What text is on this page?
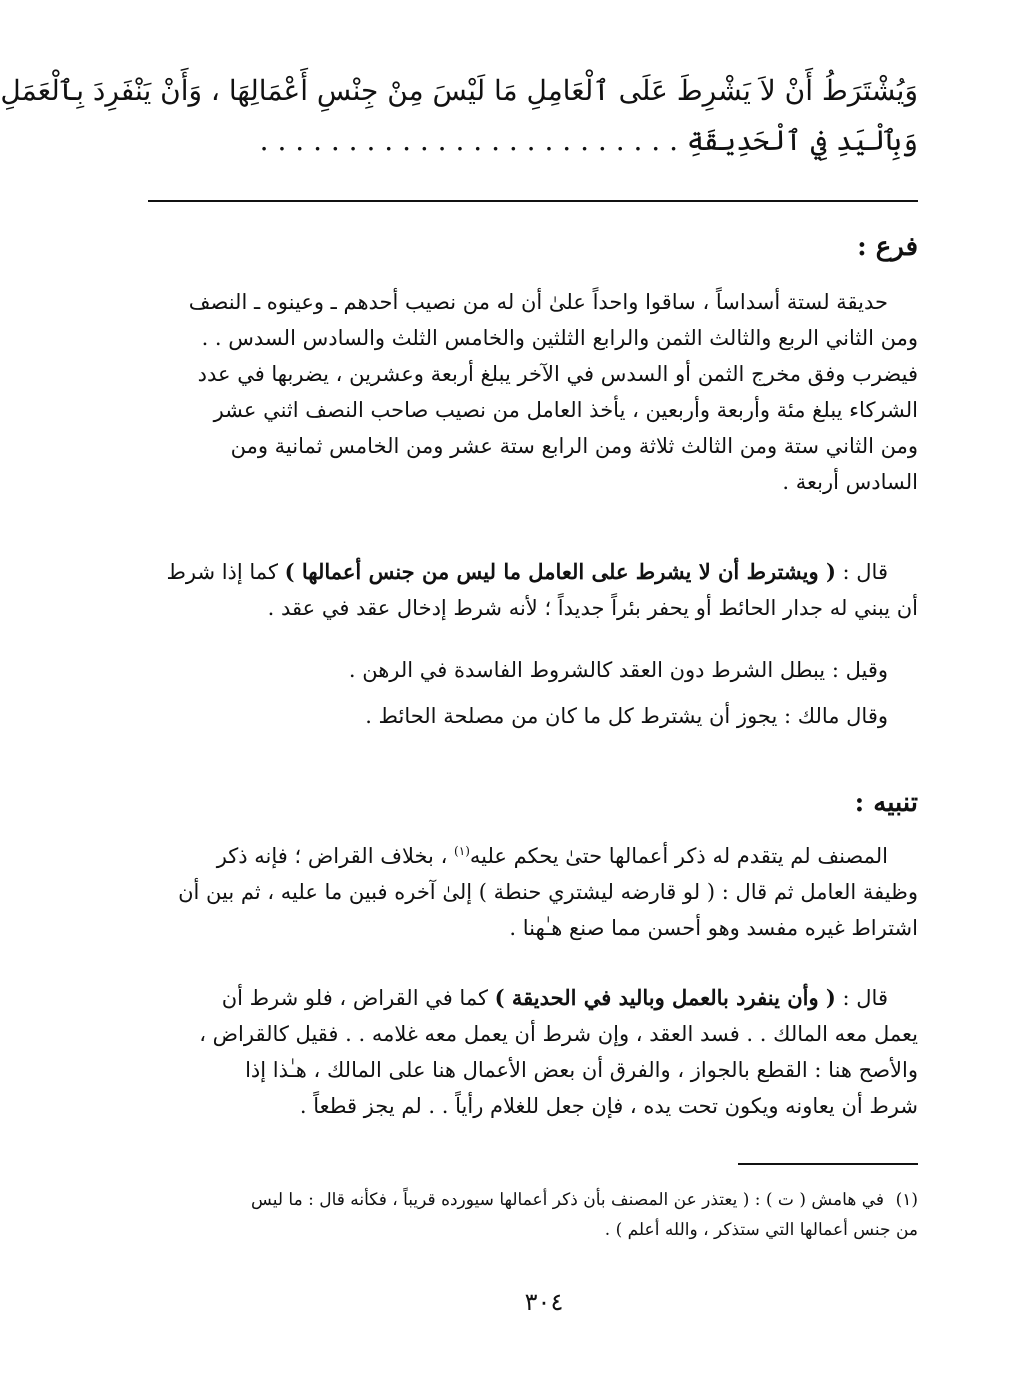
وَيُشْتَرَطُ أَنْ لاَ يَشْرِطَ عَلَى ٱلْعَامِلِ مَا لَيْسَ مِنْ جِنْسِ أَعْمَالِهَا ، وَأَنْ يَنْفَرِدَ بِٱلْعَمَلِ
وَبِٱلْيَدِ فِي ٱلْحَدِيقَةِ . . . . . . . . . . . . . . . . . . . . . . . .
فرع :
حديقة لستة أسداساً ، ساقوا واحداً علىٰ أن له من نصيب أحدهم ـ وعينوه ـ النصف
ومن الثاني الربع والثالث الثمن والرابع الثلثين والخامس الثلث والسادس السدس . .
فيضرب وفق مخرج الثمن أو السدس في الآخر يبلغ أربعة وعشرين ، يضربها في عدد
الشركاء يبلغ مئة وأربعة وأربعين ، يأخذ العامل من نصيب صاحب النصف اثني عشر
ومن الثاني ستة ومن الثالث ثلاثة ومن الرابع ستة عشر ومن الخامس ثمانية ومن
السادس أربعة .
قال : ( ويشترط أن لا يشرط على العامل ما ليس من جنس أعمالها ) كما إذا شرط
أن يبني له جدار الحائط أو يحفر بئراً جديداً ؛ لأنه شرط إدخال عقد في عقد .
وقيل : يبطل الشرط دون العقد كالشروط الفاسدة في الرهن .
وقال مالك : يجوز أن يشترط كل ما كان من مصلحة الحائط .
تنبيه :
المصنف لم يتقدم له ذكر أعمالها حتىٰ يحكم عليه$^{(١)}$ ، بخلاف القراض ؛ فإنه ذكر
وظيفة العامل ثم قال : ( لو قارضه ليشتري حنطة ) إلىٰ آخره فبين ما عليه ، ثم بين أن
اشتراط غيره مفسد وهو أحسن مما صنع هـٰهنا .
قال : ( وأن ينفرد بالعمل وباليد في الحديقة ) كما في القراض ، فلو شرط أن
يعمل معه المالك . . فسد العقد ، وإن شرط أن يعمل معه غلامه . . فقيل كالقراض ،
والأصح هنا : القطع بالجواز ، والفرق أن بعض الأعمال هنا على المالك ، هـٰذا إذا
شرط أن يعاونه ويكون تحت يده ، فإن جعل للغلام رأياً . . لم يجز قطعاً .
(١)في هامش ( ت ) : ( يعتذر عن المصنف بأن ذكر أعمالها سيورده قريباً ، فكأنه قال : ما ليس
من جنس أعمالها التي ستذكر ، والله أعلم ) .
٣٠٤
